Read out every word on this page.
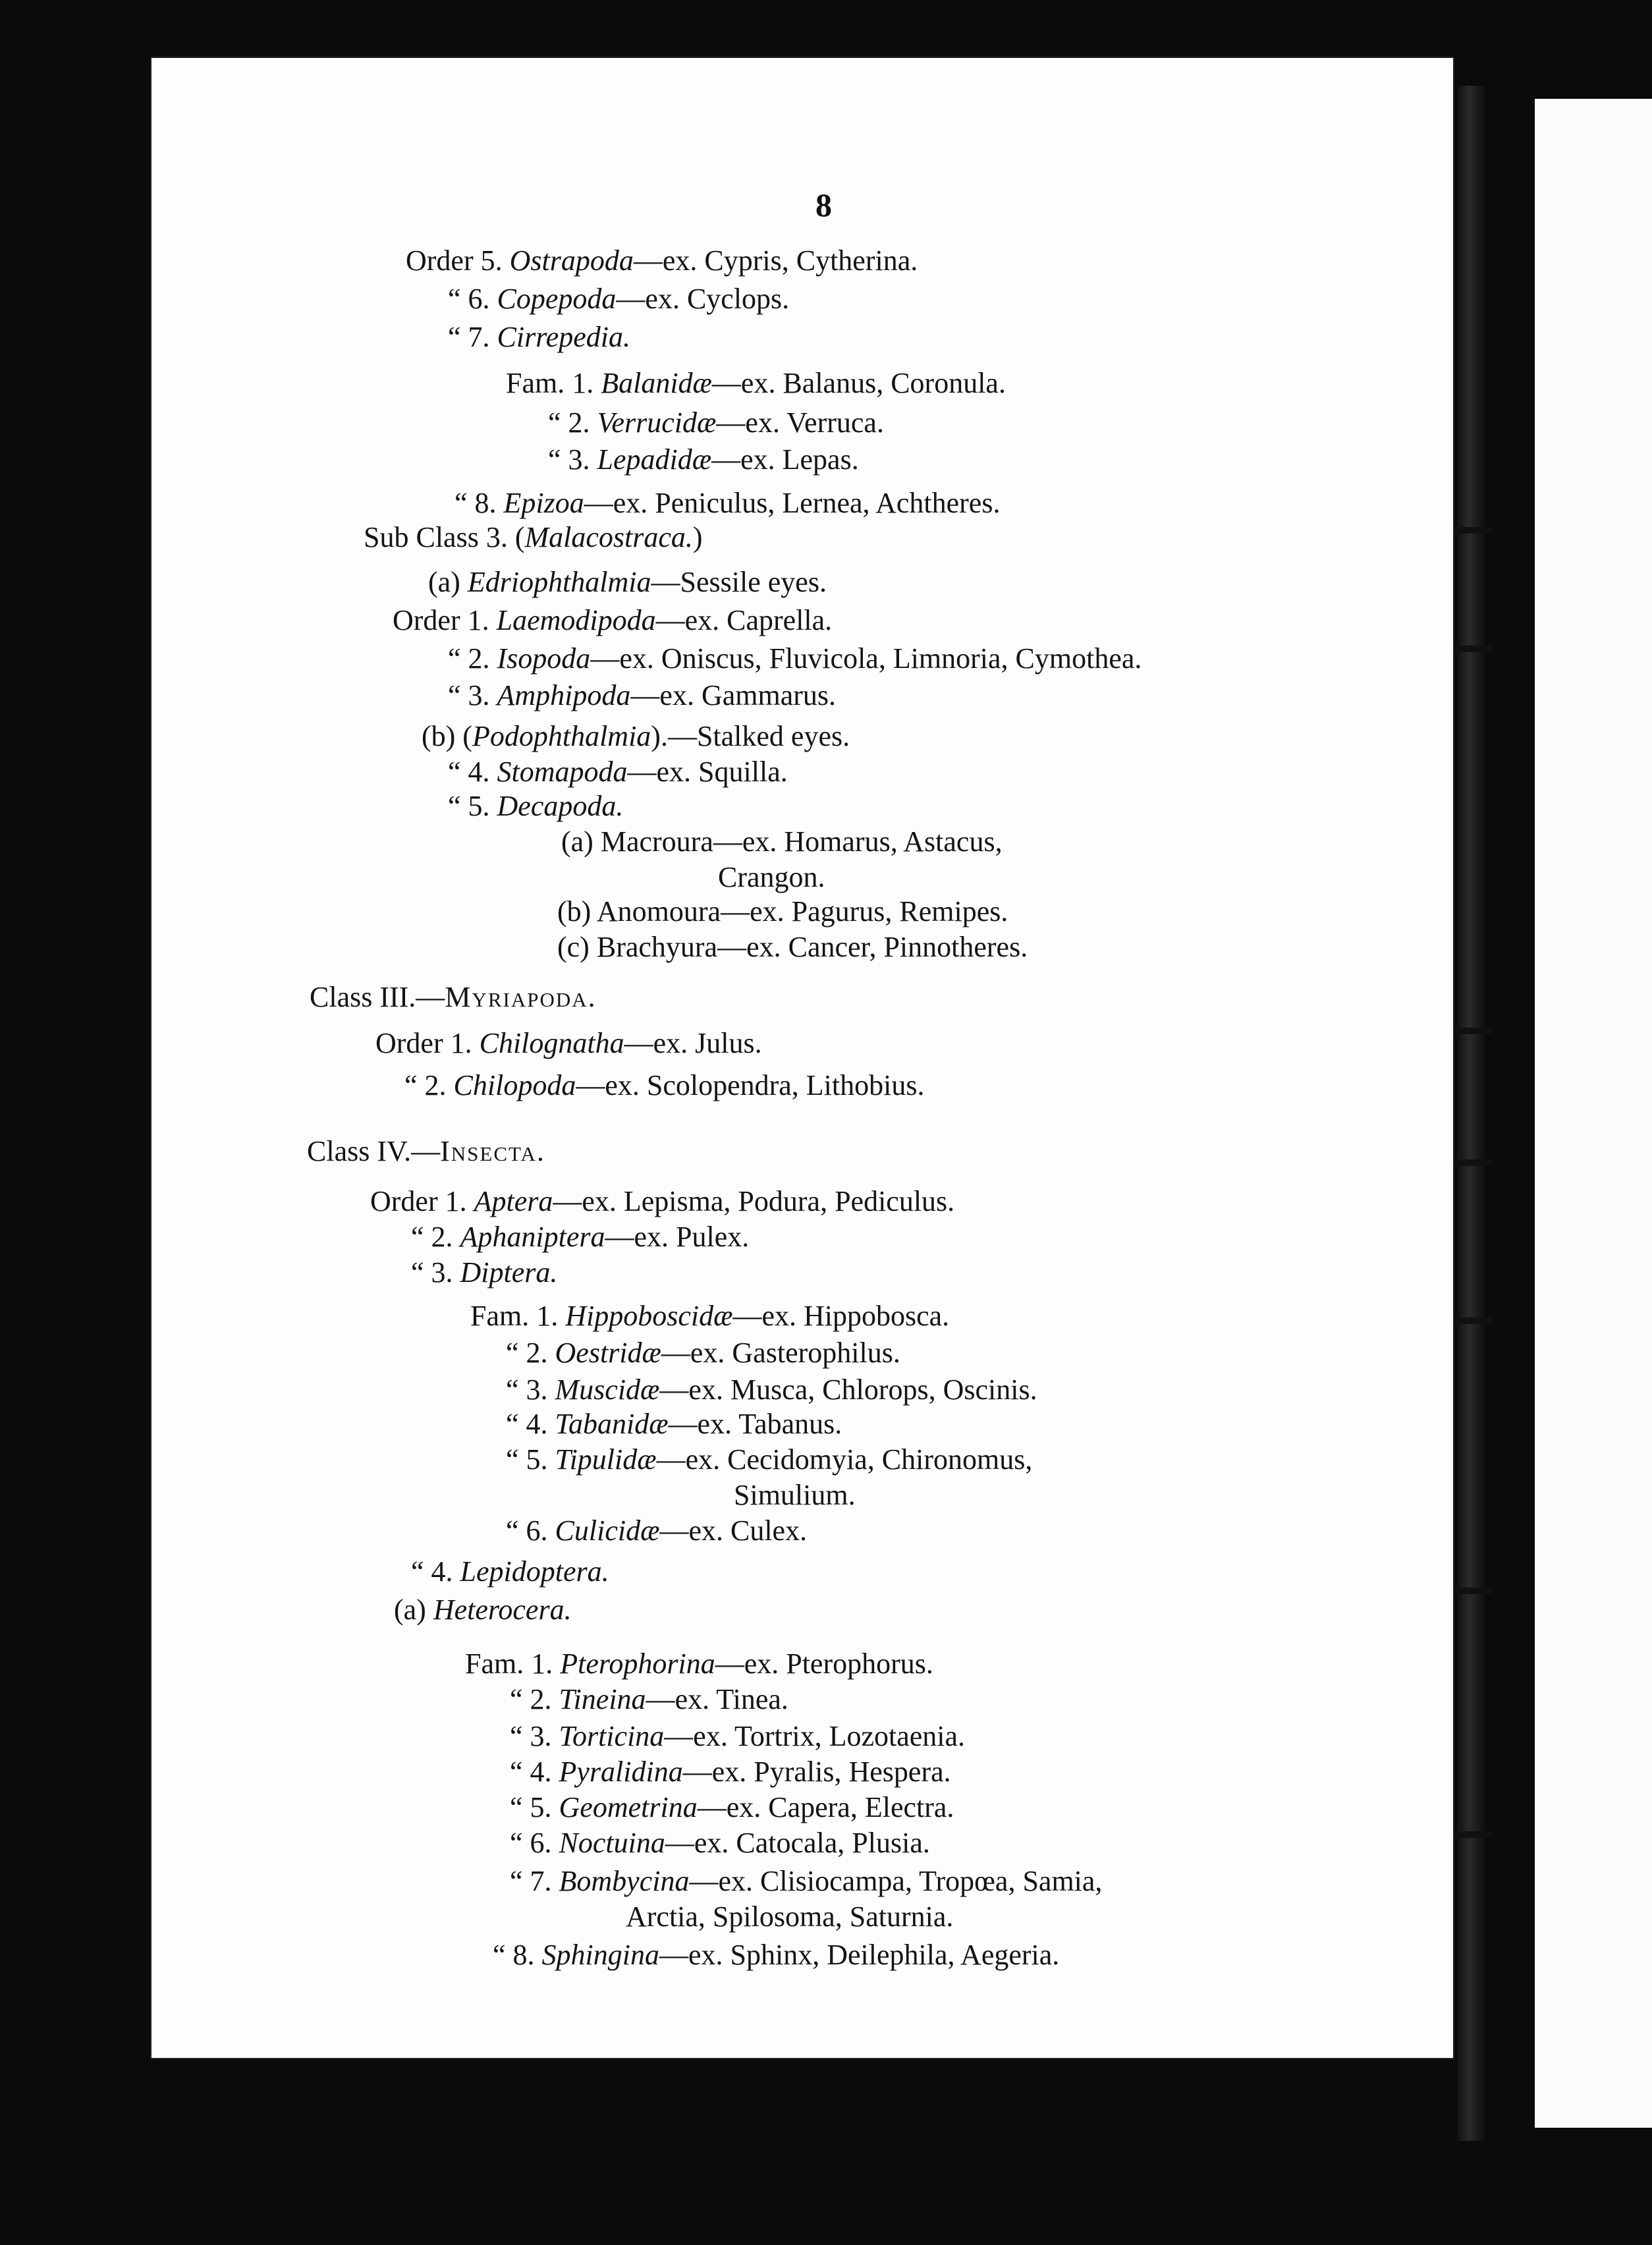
8
Order 5. Ostrapoda—ex. Cypris, Cytherina.
“ 6. Copepoda—ex. Cyclops.
“ 7. Cirrepedia.
Fam. 1. Balanidæ—ex. Balanus, Coronula.
“ 2. Verrucidæ—ex. Verruca.
“ 3. Lepadidæ—ex. Lepas.
“ 8. Epizoa—ex. Peniculus, Lernea, Achtheres.
Sub Class 3. (Malacostraca.)
(a) Edriophthalmia—Sessile eyes.
Order 1. Laemodipoda—ex. Caprella.
“ 2. Isopoda—ex. Oniscus, Fluvicola, Limnoria, Cymothea.
“ 3. Amphipoda—ex. Gammarus.
(b) (Podophthalmia).—Stalked eyes.
“ 4. Stomapoda—ex. Squilla.
“ 5. Decapoda.
(a) Macroura—ex. Homarus, Astacus,
Crangon.
(b) Anomoura—ex. Pagurus, Remipes.
(c) Brachyura—ex. Cancer, Pinnotheres.
Class III.—Myriapoda.
Order 1. Chilognatha—ex. Julus.
“ 2. Chilopoda—ex. Scolopendra, Lithobius.
Class IV.—Insecta.
Order 1. Aptera—ex. Lepisma, Podura, Pediculus.
“ 2. Aphaniptera—ex. Pulex.
“ 3. Diptera.
Fam. 1. Hippoboscidæ—ex. Hippobosca.
“ 2. Oestridæ—ex. Gasterophilus.
“ 3. Muscidæ—ex. Musca, Chlorops, Oscinis.
“ 4. Tabanidæ—ex. Tabanus.
“ 5. Tipulidæ—ex. Cecidomyia, Chironomus,
Simulium.
“ 6. Culicidæ—ex. Culex.
“ 4. Lepidoptera.
(a) Heterocera.
Fam. 1. Pterophorina—ex. Pterophorus.
“ 2. Tineina—ex. Tinea.
“ 3. Torticina—ex. Tortrix, Lozotaenia.
“ 4. Pyralidina—ex. Pyralis, Hespera.
“ 5. Geometrina—ex. Capera, Electra.
“ 6. Noctuina—ex. Catocala, Plusia.
“ 7. Bombycina—ex. Clisiocampa, Tropœa, Samia,
Arctia, Spilosoma, Saturnia.
“ 8. Sphingina—ex. Sphinx, Deilephila, Aegeria.
